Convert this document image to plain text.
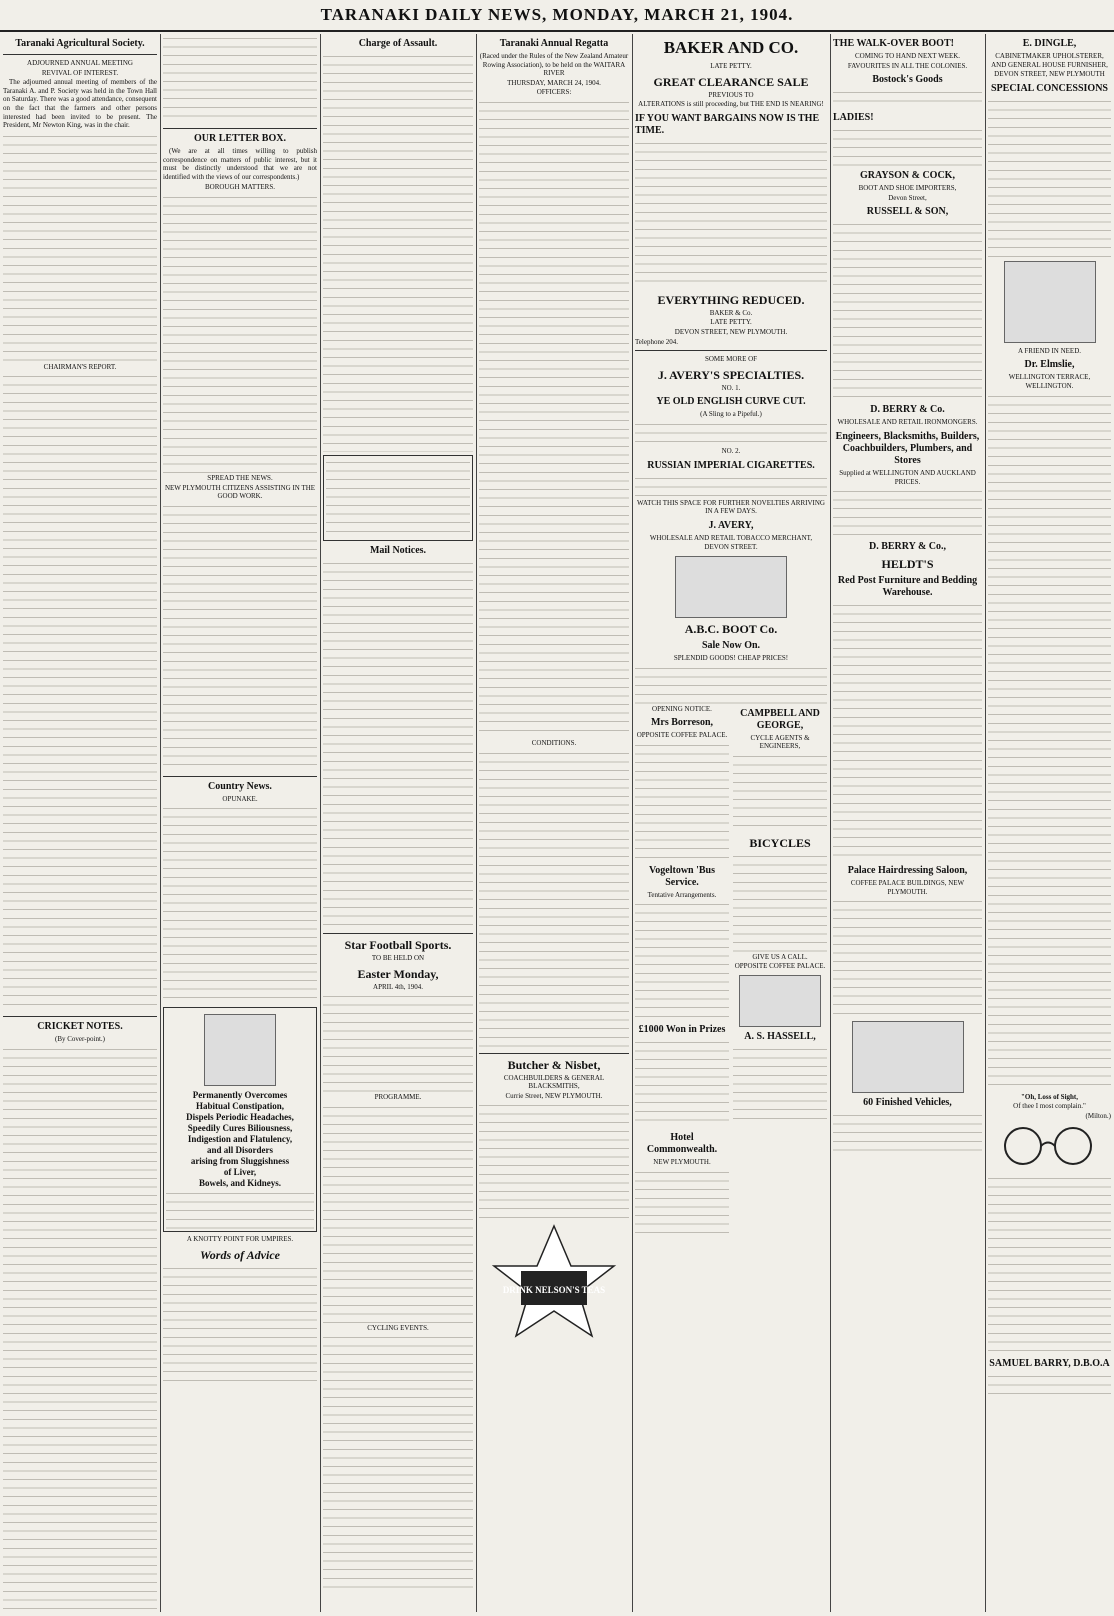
TARANAKI DAILY NEWS, MONDAY, MARCH 21, 1904.
Taranaki Agricultural Society.
ADJOURNED ANNUAL MEETING
REVIVAL OF INTEREST.
The adjourned annual meeting of members of the Taranaki A. and P. Society was held in the Town Hall on Saturday. There was a good attendance, consequent on the fact that the farmers and other persons interested had been invited to be present. The President, Mr Newton King, was in the chair.
CHAIRMAN'S REPORT.
CRICKET NOTES.
(By Cover-point.)
OUR LETTER BOX.
(We are at all times willing to publish correspondence on matters of public interest, but it must be distinctly understood that we are not identified with the views of our correspondents.)
BOROUGH MATTERS.
SPREAD THE NEWS.
NEW PLYMOUTH CITIZENS ASSISTING IN THE GOOD WORK.
Country News.
OPUNAKE.
Permanently Overcomes
Habitual Constipation,
Dispels Periodic Headaches,
Speedily Cures Biliousness,
Indigestion and Flatulency,
and all Disorders
arising from Sluggishness
of Liver,
Bowels, and Kidneys.
A KNOTTY POINT FOR UMPIRES.
Words of Advice
Charge of Assault.
Mail Notices.
Star Football Sports.
TO BE HELD ON
Easter Monday,
APRIL 4th, 1904.
PROGRAMME.
CYCLING EVENTS.
Taranaki Annual Regatta
(Raced under the Rules of the New Zealand Amateur Rowing Association), to be held on the WAITARA RIVER
THURSDAY, MARCH 24, 1904.
OFFICERS:
CONDITIONS.
Butcher & Nisbet,
COACHBUILDERS & GENERAL BLACKSMITHS,
Currie Street, NEW PLYMOUTH.
DRINK NELSON'S TEAS
BAKER AND CO.
LATE PETTY.
GREAT CLEARANCE SALE
PREVIOUS TO
ALTERATIONS is still proceeding, but THE END IS NEARING!
IF YOU WANT BARGAINS NOW IS THE TIME.
EVERYTHING REDUCED.
BAKER & Co.
LATE PETTY.
DEVON STREET, NEW PLYMOUTH.
Telephone 204.
SOME MORE OF
J. AVERY'S SPECIALTIES.
NO. 1.
YE OLD ENGLISH CURVE CUT.
(A Sling to a Pipeful.)
NO. 2.
RUSSIAN IMPERIAL CIGARETTES.
WATCH THIS SPACE FOR FURTHER NOVELTIES ARRIVING IN A FEW DAYS.
J. AVERY,
WHOLESALE AND RETAIL TOBACCO MERCHANT,
DEVON STREET.
A.B.C. BOOT Co.
Sale Now On.
SPLENDID GOODS! CHEAP PRICES!
OPENING NOTICE.
Mrs Borreson,
OPPOSITE COFFEE PALACE.
Vogeltown 'Bus Service.
Tentative Arrangements.
£1000 Won in Prizes
Hotel Commonwealth.
NEW PLYMOUTH.
CAMPBELL AND GEORGE,
CYCLE AGENTS & ENGINEERS,
BICYCLES
GIVE US A CALL.
OPPOSITE COFFEE PALACE.
A. S. HASSELL,
THE WALK-OVER BOOT!
COMING TO HAND NEXT WEEK.
FAVOURITES IN ALL THE COLONIES.
Bostock's Goods
LADIES!
GRAYSON & COCK,
BOOT AND SHOE IMPORTERS,
Devon Street,
RUSSELL & SON,
D. BERRY & Co.
WHOLESALE AND RETAIL IRONMONGERS.
Engineers, Blacksmiths, Builders, Coachbuilders, Plumbers, and Stores
Supplied at WELLINGTON AND AUCKLAND PRICES.
D. BERRY & Co.,
HELDT'S
Red Post Furniture and Bedding Warehouse.
Palace Hairdressing Saloon,
COFFEE PALACE BUILDINGS, NEW PLYMOUTH.
60 Finished Vehicles,
E. DINGLE,
CABINETMAKER UPHOLSTERER, AND GENERAL HOUSE FURNISHER,
DEVON STREET, NEW PLYMOUTH
SPECIAL CONCESSIONS
A FRIEND IN NEED.
Dr. Elmslie,
WELLINGTON TERRACE, WELLINGTON.
"Oh, Loss of Sight,
Of thee I most complain."
(Milton.)
SAMUEL BARRY, D.B.O.A
